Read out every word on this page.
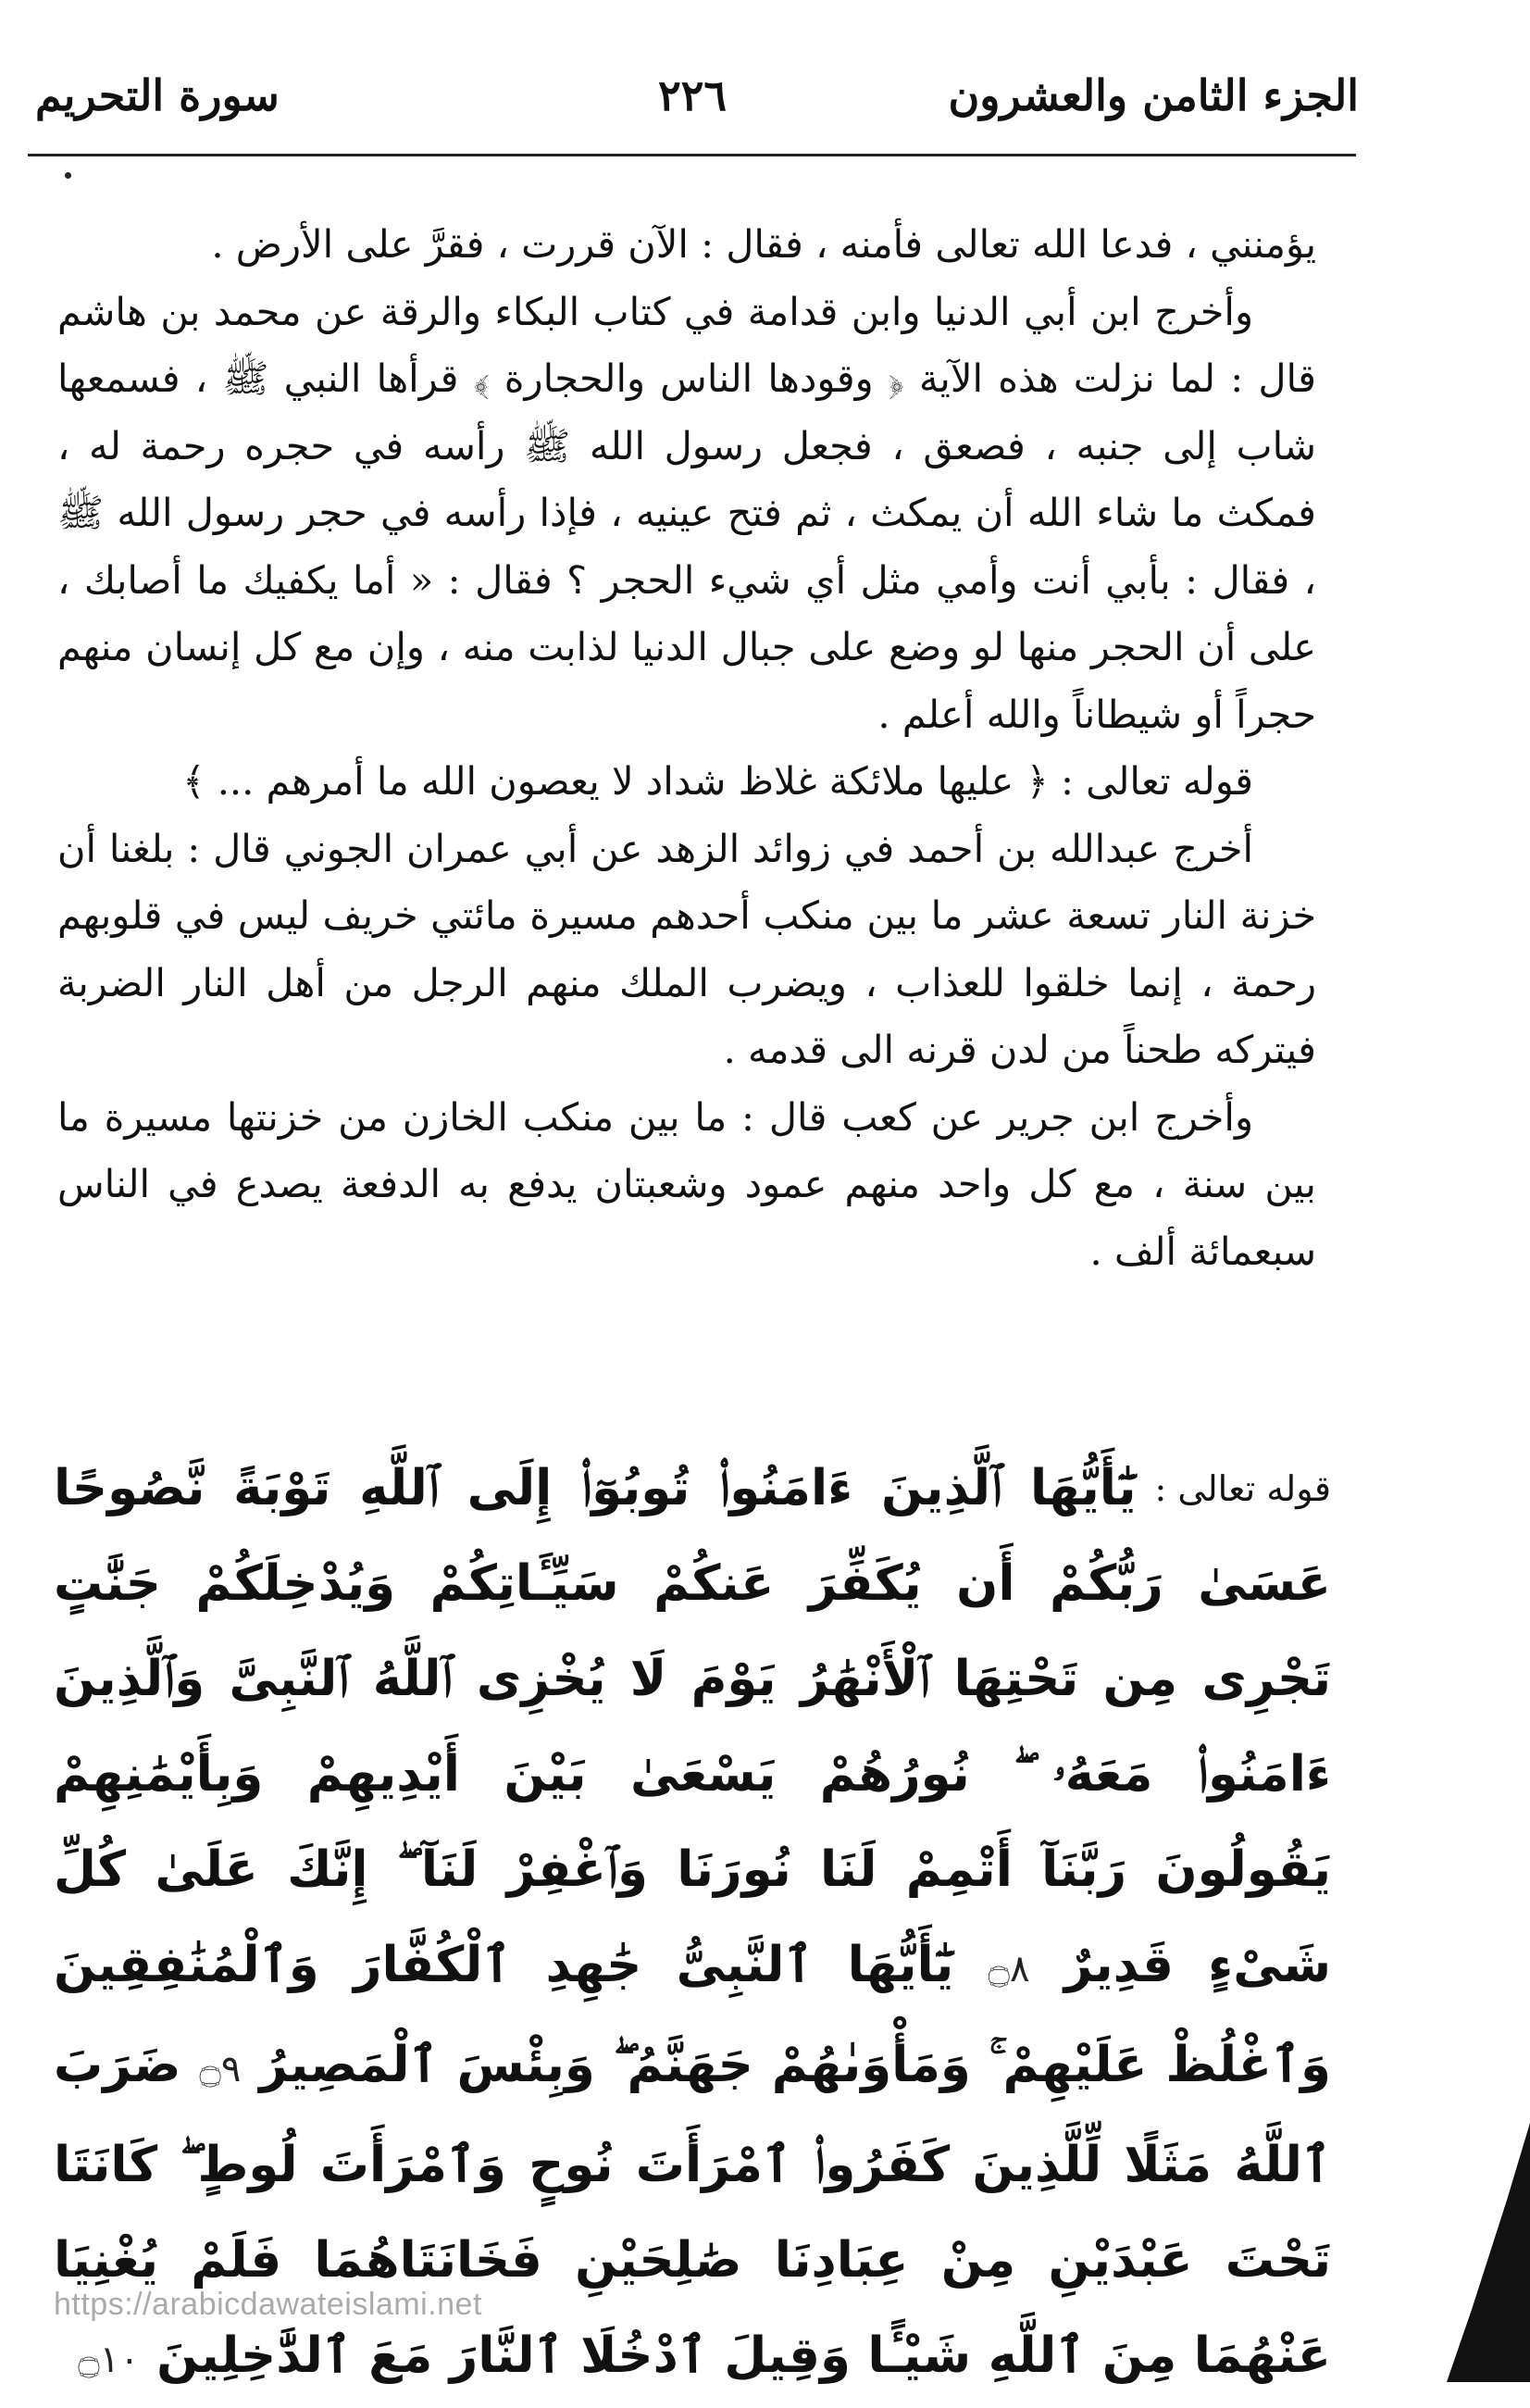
الجزء الثامن والعشرون
٢٢٦
سورة التحريم

يؤمنني ، فدعا الله تعالى فأمنه ، فقال : الآن قررت ، فقرَّ على الأرض .

وأخرج ابن أبي الدنيا وابن قدامة في كتاب البكاء والرقة عن محمد بن هاشم قال : لما نزلت هذه الآية ﴿ وقودها الناس والحجارة ﴾ قرأها النبي ﷺ ، فسمعها شاب إلى جنبه ، فصعق ، فجعل رسول الله ﷺ رأسه في حجره رحمة له ، فمكث ما شاء الله أن يمكث ، ثم فتح عينيه ، فإذا رأسه في حجر رسول الله ﷺ ، فقال : بأبي أنت وأمي مثل أي شيء الحجر ؟ فقال : « أما يكفيك ما أصابك ، على أن الحجر منها لو وضع على جبال الدنيا لذابت منه ، وإن مع كل إنسان منهم حجراً أو شيطاناً والله أعلم .

قوله تعالى : ﴿ عليها ملائكة غلاظ شداد لا يعصون الله ما أمرهم ... ﴾

أخرج عبدالله بن أحمد في زوائد الزهد عن أبي عمران الجوني قال : بلغنا أن خزنة النار تسعة عشر ما بين منكب أحدهم مسيرة مائتي خريف ليس في قلوبهم رحمة ، إنما خلقوا للعذاب ، ويضرب الملك منهم الرجل من أهل النار الضربة فيتركه طحناً من لدن قرنه الى قدمه .

وأخرج ابن جرير عن كعب قال : ما بين منكب الخازن من خزنتها مسيرة ما بين سنة ، مع كل واحد منهم عمود وشعبتان يدفع به الدفعة يصدع في الناس سبعمائة ألف .

قوله تعالى :
يَٰٓأَيُّهَا ٱلَّذِينَ ءَامَنُوا۟ تُوبُوٓا۟ إِلَى ٱللَّهِ تَوْبَةً نَّصُوحًا عَسَىٰ رَبُّكُمْ أَن يُكَفِّرَ عَنكُمْ سَيِّـَٔاتِكُمْ وَيُدْخِلَكُمْ جَنَّٰتٍ تَجْرِى مِن تَحْتِهَا ٱلْأَنْهَٰرُ يَوْمَ لَا يُخْزِى ٱللَّهُ ٱلنَّبِىَّ وَٱلَّذِينَ ءَامَنُوا۟ مَعَهُۥ ۖ نُورُهُمْ يَسْعَىٰ بَيْنَ أَيْدِيهِمْ وَبِأَيْمَٰنِهِمْ يَقُولُونَ رَبَّنَآ أَتْمِمْ لَنَا نُورَنَا وَٱغْفِرْ لَنَآ ۖ إِنَّكَ عَلَىٰ كُلِّ شَىْءٍ قَدِيرٌ ۝٨ يَٰٓأَيُّهَا ٱلنَّبِىُّ جَٰهِدِ ٱلْكُفَّارَ وَٱلْمُنَٰفِقِينَ وَٱغْلُظْ عَلَيْهِمْ ۚ وَمَأْوَىٰهُمْ جَهَنَّمُ ۖ وَبِئْسَ ٱلْمَصِيرُ ۝٩ ضَرَبَ ٱللَّهُ مَثَلًا لِّلَّذِينَ كَفَرُوا۟ ٱمْرَأَتَ نُوحٍ وَٱمْرَأَتَ لُوطٍ ۖ كَانَتَا تَحْتَ عَبْدَيْنِ مِنْ عِبَادِنَا صَٰلِحَيْنِ فَخَانَتَاهُمَا فَلَمْ يُغْنِيَا عَنْهُمَا مِنَ ٱللَّهِ شَيْـًٔا وَقِيلَ ٱدْخُلَا ٱلنَّارَ مَعَ ٱلدَّٰخِلِينَ ۝١٠
https://arabicdawateislami.net
